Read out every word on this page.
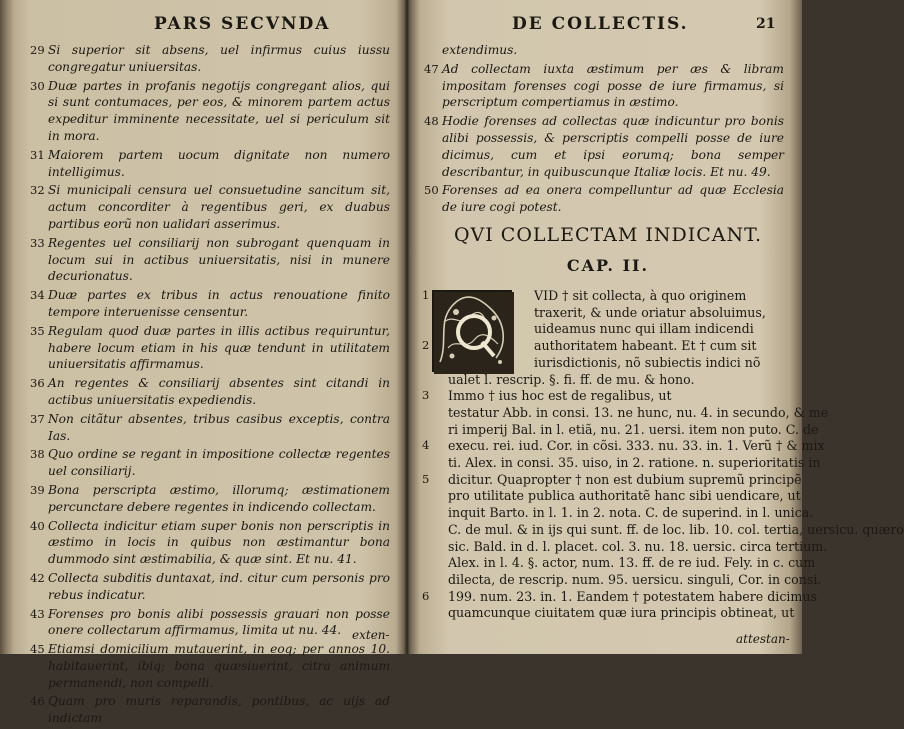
PARS SECVNDA
29 Si superior sit absens, uel infirmus cuius iussu congregatur uniuersitas.
30 Duæ partes in profanis negotijs congregant alios, qui si sunt contumaces, per eos, & minorem partem actus expeditur imminente necessitate, uel si periculum sit in mora.
31 Maiorem partem uocum dignitate non numero intelligimus.
32 Si municipali censura uel consuetudine sancitum sit, actum concorditer à regentibus geri, ex duabus partibus eorũ non ualidari asserimus.
33 Regentes uel consiliarij non subrogant quenquam in locum sui in actibus uniuersitatis, nisi in munere decurionatus.
34 Duæ partes ex tribus in actus renouatione finito tempore interuenisse censentur.
35 Regulam quod duæ partes in illis actibus requiruntur, habere locum etiam in his quæ tendunt in utilitatem uniuersitatis affirmamus.
36 An regentes & consiliarij absentes sint citandi in actibus uniuersitatis expediendis.
37 Non citãtur absentes, tribus casibus exceptis, contra Ias.
38 Quo ordine se regant in impositione collectæ regentes uel consiliarij.
39 Bona perscripta æstimo, illorumq; æstimationem percunctare debere regentes in indicendo collectam.
40 Collecta indicitur etiam super bonis non perscriptis in æstimo in locis in quibus non æstimantur bona dummodo sint æstimabilia, & quæ sint. Et nu. 41.
42 Collecta subditis duntaxat, ind. citur cum personis pro rebus indicatur.
43 Forenses pro bonis alibi possessis grauari non posse onere collectarum affirmamus, limita ut nu. 44.
45 Etiamsi domicilium mutauerint, in eoq; per annos 10. habitauerint, ibiq; bona quæsiuerint, citra animum permanendi, non compelli.
46 Quam pro muris reparandis, pontibus, ac uijs ad indictam
exten-
DE COLLECTIS.	21
extendimus.
47 Ad collectam iuxta æstimum per æs & libram impositam forenses cogi posse de iure firmamus, si perscriptum compertiamus in æstimo.
48 Hodie forenses ad collectas quæ indicuntur pro bonis alibi possessis, & perscriptis compelli posse de iure dicimus, cum et ipsi eorumq; bona semper describantur, in quibuscunque Italiæ locis. Et nu. 49.
50 Forenses ad ea onera compelluntur ad quæ Ecclesia de iure cogi potest.
QVI COLLECTAM INDICANT.
CAP. II.
1
2
3
4
5
6
VID † sit collecta, à quo originem
traxerit, & unde oriatur absoluimus,
uideamus nunc qui illam indicendi
authoritatem habeant. Et † cum sit
iurisdictionis, nõ subiectis indici nõ
ualet l. rescrip. §. fi. ff. de mu. & hono.
Immo † ius hoc est de regalibus, ut
testatur Abb. in consi. 13. ne hunc, nu. 4. in secundo, & me
ri imperij Bal. in l. etiã, nu. 21. uersi. item non puto. C. de
execu. rei. iud. Cor. in cõsi. 333. nu. 33. in. 1. Verũ † & mix
ti. Alex. in consi. 35. uiso, in 2. ratione. n. superioritatis in
dicitur. Quapropter † non est dubium supremũ principẽ
pro utilitate publica authoritatẽ hanc sibi uendicare, ut
inquit Barto. in l. 1. in 2. nota. C. de superind. in l. unica.
C. de mul. & in ijs qui sunt. ff. de loc. lib. 10. col. tertia, uersicu. quæro
sic. Bald. in d. l. placet. col. 3. nu. 18. uersic. circa tertium.
Alex. in l. 4. §. actor, num. 13. ff. de re iud. Fely. in c. cum
dilecta, de rescrip. num. 95. uersicu. singuli, Cor. in consi.
199. num. 23. in. 1. Eandem † potestatem habere dicimus
quamcunque ciuitatem quæ iura principis obtineat, ut
attestan-
